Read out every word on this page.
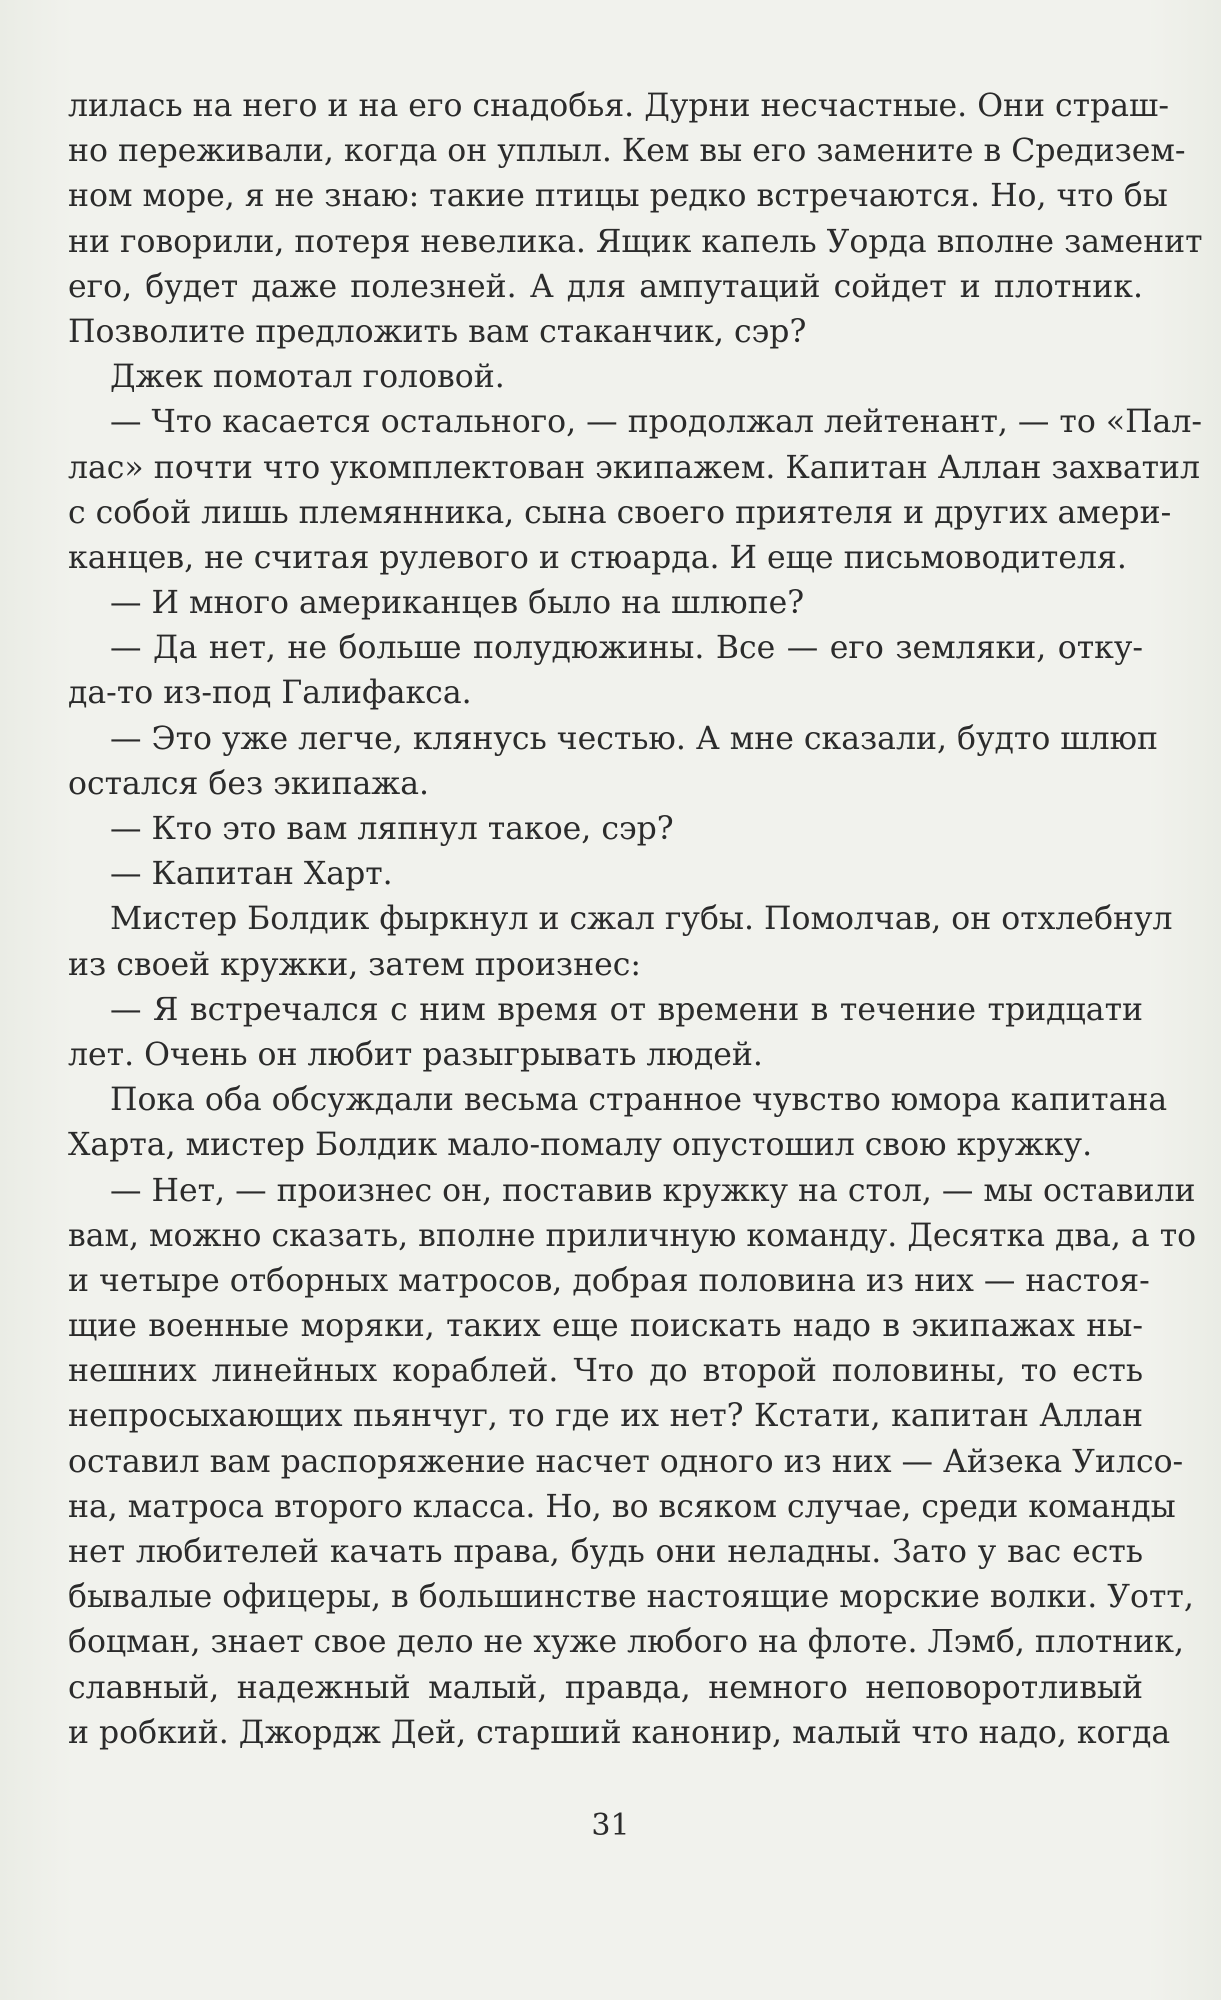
лилась на него и на его снадобья. Дурни несчастные. Они страш-
но переживали, когда он уплыл. Кем вы его замените в Средизем-
ном море, я не знаю: такие птицы редко встречаются. Но, что бы
ни говорили, потеря невелика. Ящик капель Уорда вполне заменит
его, будет даже полезней. А для ампутаций сойдет и плотник.
Позволите предложить вам стаканчик, сэр?
Джек помотал головой.
— Что касается остального, — продолжал лейтенант, — то «Пал-
лас» почти что укомплектован экипажем. Капитан Аллан захватил
с собой лишь племянника, сына своего приятеля и других амери-
канцев, не считая рулевого и стюарда. И еще письмоводителя.
— И много американцев было на шлюпе?
— Да нет, не больше полудюжины. Все — его земляки, отку-
да-то из-под Галифакса.
— Это уже легче, клянусь честью. А мне сказали, будто шлюп
остался без экипажа.
— Кто это вам ляпнул такое, сэр?
— Капитан Харт.
Мистер Болдик фыркнул и сжал губы. Помолчав, он отхлебнул
из своей кружки, затем произнес:
— Я встречался с ним время от времени в течение тридцати
лет. Очень он любит разыгрывать людей.
Пока оба обсуждали весьма странное чувство юмора капитана
Харта, мистер Болдик мало-помалу опустошил свою кружку.
— Нет, — произнес он, поставив кружку на стол, — мы оставили
вам, можно сказать, вполне приличную команду. Десятка два, а то
и четыре отборных матросов, добрая половина из них — настоя-
щие военные моряки, таких еще поискать надо в экипажах ны-
нешних линейных кораблей. Что до второй половины, то есть
непросыхающих пьянчуг, то где их нет? Кстати, капитан Аллан
оставил вам распоряжение насчет одного из них — Айзека Уилсо-
на, матроса второго класса. Но, во всяком случае, среди команды
нет любителей качать права, будь они неладны. Зато у вас есть
бывалые офицеры, в большинстве настоящие морские волки. Уотт,
боцман, знает свое дело не хуже любого на флоте. Лэмб, плотник,
славный, надежный малый, правда, немного неповоротливый
и робкий. Джордж Дей, старший канонир, малый что надо, когда
31
